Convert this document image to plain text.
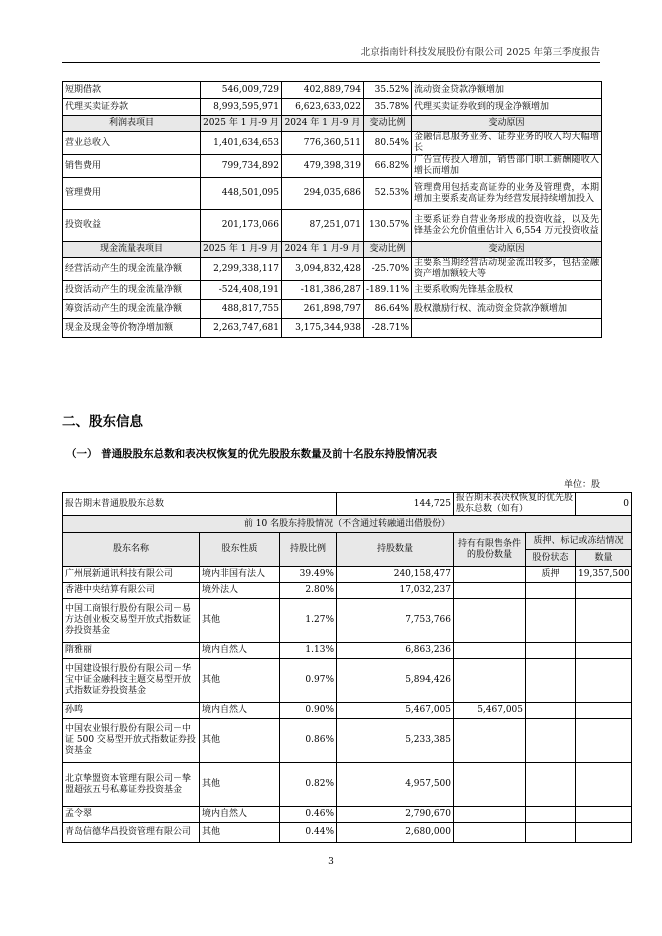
北京指南针科技发展股份有限公司 2025 年第三季度报告
短期借款	546,009,729	402,889,794	35.52%	流动资金贷款净额增加
代理买卖证券款	8,993,595,971	6,623,633,022	35.78%	代理买卖证券收到的现金净额增加
利润表项目	2025 年 1 月-9 月	2024 年 1 月-9 月	变动比例	变动原因
营业总收入	1,401,634,653	776,360,511	80.54%	金融信息服务业务、证券业务的收入均大幅增长
销售费用	799,734,892	479,398,319	66.82%	广告宣传投入增加，销售部门职工薪酬随收入增长而增加
管理费用	448,501,095	294,035,686	52.53%	管理费用包括麦高证券的业务及管理费，本期增加主要系麦高证券为经营发展持续增加投入
投资收益	201,173,066	87,251,071	130.57%	主要系证券自营业务形成的投资收益，以及先锋基金公允价值重估计入 6,554 万元投资收益
现金流量表项目	2025 年 1 月-9 月	2024 年 1 月-9 月	变动比例	变动原因
经营活动产生的现金流量净额	2,299,338,117	3,094,832,428	-25.70%	主要系当期经营活动现金流出较多，包括金融资产增加额较大等
投资活动产生的现金流量净额	-524,408,191	-181,386,287	-189.11%	主要系收购先锋基金股权
筹资活动产生的现金流量净额	488,817,755	261,898,797	86.64%	股权激励行权、流动资金贷款净额增加
现金及现金等价物净增加额	2,263,747,681	3,175,344,938	-28.71%	
二、股东信息
（一） 普通股股东总数和表决权恢复的优先股股东数量及前十名股东持股情况表
单位：股
报告期末普通股股东总数			144,725	报告期末表决权恢复的优先股股东总数（如有）		0
前 10 名股东持股情况（不含通过转融通出借股份）						
股东名称	股东性质	持股比例	持股数量	持有有限售条件的股份数量	质押、标记或冻结情况	
					股份状态	数量
广州展新通讯科技有限公司	境内非国有法人	39.49%	240,158,477		质押	19,357,500
香港中央结算有限公司	境外法人	2.80%	17,032,237			
中国工商银行股份有限公司－易方达创业板交易型开放式指数证券投资基金	其他	1.27%	7,753,766			
隋雅丽	境内自然人	1.13%	6,863,236			
中国建设银行股份有限公司－华宝中证金融科技主题交易型开放式指数证券投资基金	其他	0.97%	5,894,426			
孙鸣	境内自然人	0.90%	5,467,005	5,467,005		
中国农业银行股份有限公司－中证 500 交易型开放式指数证券投资基金	其他	0.86%	5,233,385			
北京挚盟资本管理有限公司－挚盟超弦五号私募证券投资基金	其他	0.82%	4,957,500			
孟令翠	境内自然人	0.46%	2,790,670			
青岛信德华昌投资管理有限公司	其他	0.44%	2,680,000			
3
